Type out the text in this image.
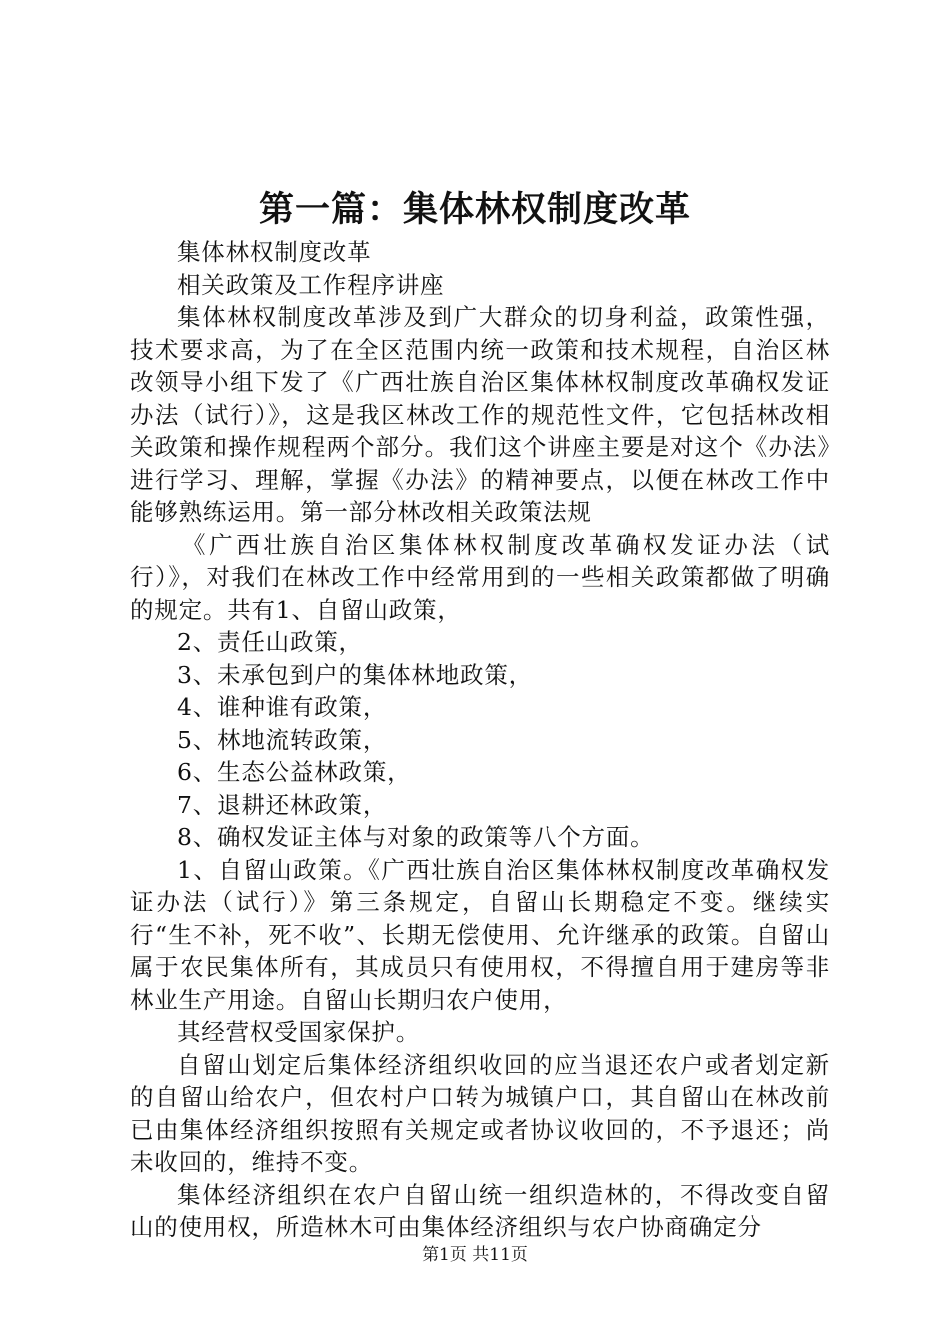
第一篇：集体林权制度改革

集体林权制度改革

相关政策及工作程序讲座

集体林权制度改革涉及到广大群众的切身利益，政策性强，技术要求高，为了在全区范围内统一政策和技术规程，自治区林改领导小组下发了《广西壮族自治区集体林权制度改革确权发证办法（试行）》，这是我区林改工作的规范性文件，它包括林改相关政策和操作规程两个部分。我们这个讲座主要是对这个《办法》进行学习、理解，掌握《办法》的精神要点，以便在林改工作中能够熟练运用。第一部分林改相关政策法规

《广西壮族自治区集体林权制度改革确权发证办法（试行）》，对我们在林改工作中经常用到的一些相关政策都做了明确的规定。共有1、自留山政策，

2、责任山政策，

3、未承包到户的集体林地政策，

4、谁种谁有政策，

5、林地流转政策，

6、生态公益林政策，

7、退耕还林政策，

8、确权发证主体与对象的政策等八个方面。

1、自留山政策。《广西壮族自治区集体林权制度改革确权发证办法（试行）》第三条规定，自留山长期稳定不变。继续实行“生不补，死不收”、长期无偿使用、允许继承的政策。自留山属于农民集体所有，其成员只有使用权，不得擅自用于建房等非林业生产用途。自留山长期归农户使用，

其经营权受国家保护。

自留山划定后集体经济组织收回的应当退还农户或者划定新的自留山给农户，但农村户口转为城镇户口，其自留山在林改前已由集体经济组织按照有关规定或者协议收回的，不予退还；尚未收回的，维持不变。

集体经济组织在农户自留山统一组织造林的，不得改变自留山的使用权，所造林木可由集体经济组织与农户协商确定分

第1页 共11页
